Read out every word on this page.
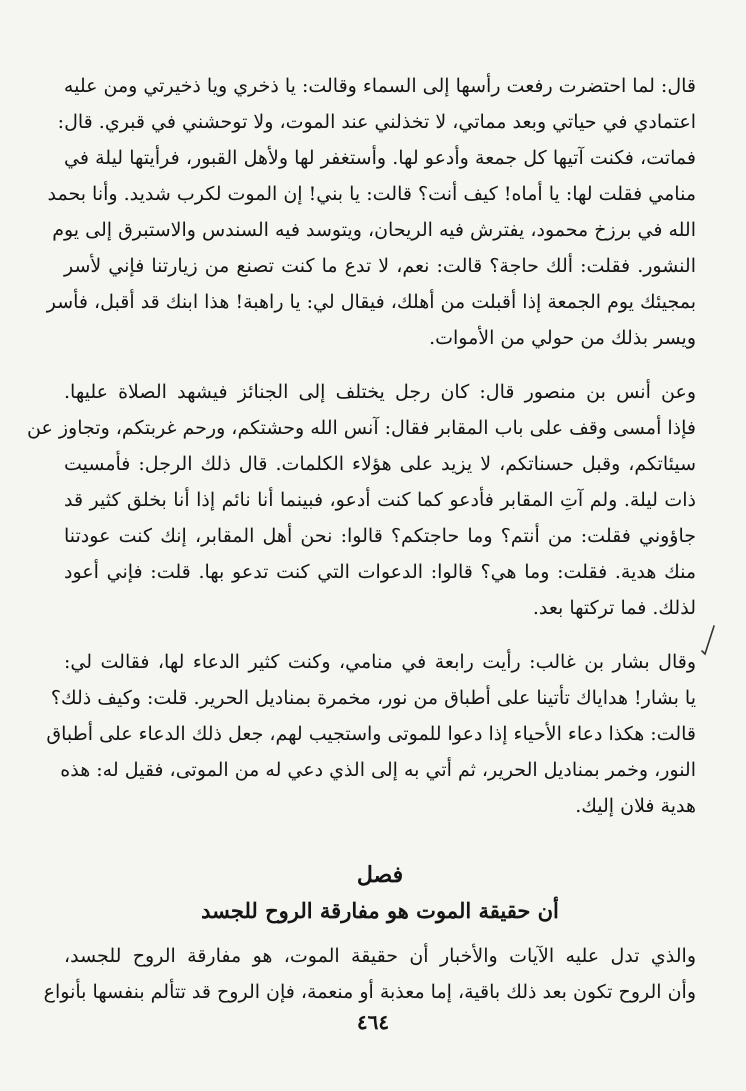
قال: لما احتضرت رفعت رأسها إلى السماء وقالت: يا ذخري ويا ذخيرتي ومن عليه
اعتمادي في حياتي وبعد مماتي، لا تخذلني عند الموت، ولا توحشني في قبري. قال:
فماتت، فكنت آتيها كل جمعة وأدعو لها. وأستغفر لها ولأهل القبور، فرأيتها ليلة في
منامي فقلت لها: يا أماه! كيف أنت؟ قالت: يا بني! إن الموت لكرب شديد. وأنا بحمد
الله في برزخ محمود، يفترش فيه الريحان، ويتوسد فيه السندس والاستبرق إلى يوم
النشور. فقلت: ألك حاجة؟ قالت: نعم، لا تدع ما كنت تصنع من زيارتنا فإني لأسر
بمجيئك يوم الجمعة إذا أقبلت من أهلك، فيقال لي: يا راهبة! هذا ابنك قد أقبل، فأسر
ويسر بذلك من حولي من الأموات.
وعن أنس بن منصور قال: كان رجل يختلف إلى الجنائز فيشهد الصلاة عليها.
فإذا أمسى وقف على باب المقابر فقال: آنس الله وحشتكم، ورحم غربتكم، وتجاوز عن
سيئاتكم، وقبل حسناتكم، لا يزيد على هؤلاء الكلمات. قال ذلك الرجل: فأمسيت
ذات ليلة. ولم آتِ المقابر فأدعو كما كنت أدعو، فبينما أنا نائم إذا أنا بخلق كثير قد
جاؤوني فقلت: من أنتم؟ وما حاجتكم؟ قالوا: نحن أهل المقابر، إنك كنت عودتنا
منك هدية. فقلت: وما هي؟ قالوا: الدعوات التي كنت تدعو بها. قلت: فإني أعود
لذلك. فما تركتها بعد.
وقال بشار بن غالب: رأيت رابعة في منامي، وكنت كثير الدعاء لها، فقالت لي:
يا بشار! هداياك تأتينا على أطباق من نور، مخمرة بمناديل الحرير. قلت: وكيف ذلك؟
قالت: هكذا دعاء الأحياء إذا دعوا للموتى واستجيب لهم، جعل ذلك الدعاء على أطباق
النور، وخمر بمناديل الحرير، ثم أتي به إلى الذي دعي له من الموتى، فقيل له: هذه
هدية فلان إليك.
فصل
أن حقيقة الموت هو مفارقة الروح للجسد
والذي تدل عليه الآيات والأخبار أن حقيقة الموت، هو مفارقة الروح للجسد،
وأن الروح تكون بعد ذلك باقية، إما معذبة أو منعمة، فإن الروح قد تتألم بنفسها بأنواع
٤٦٤
